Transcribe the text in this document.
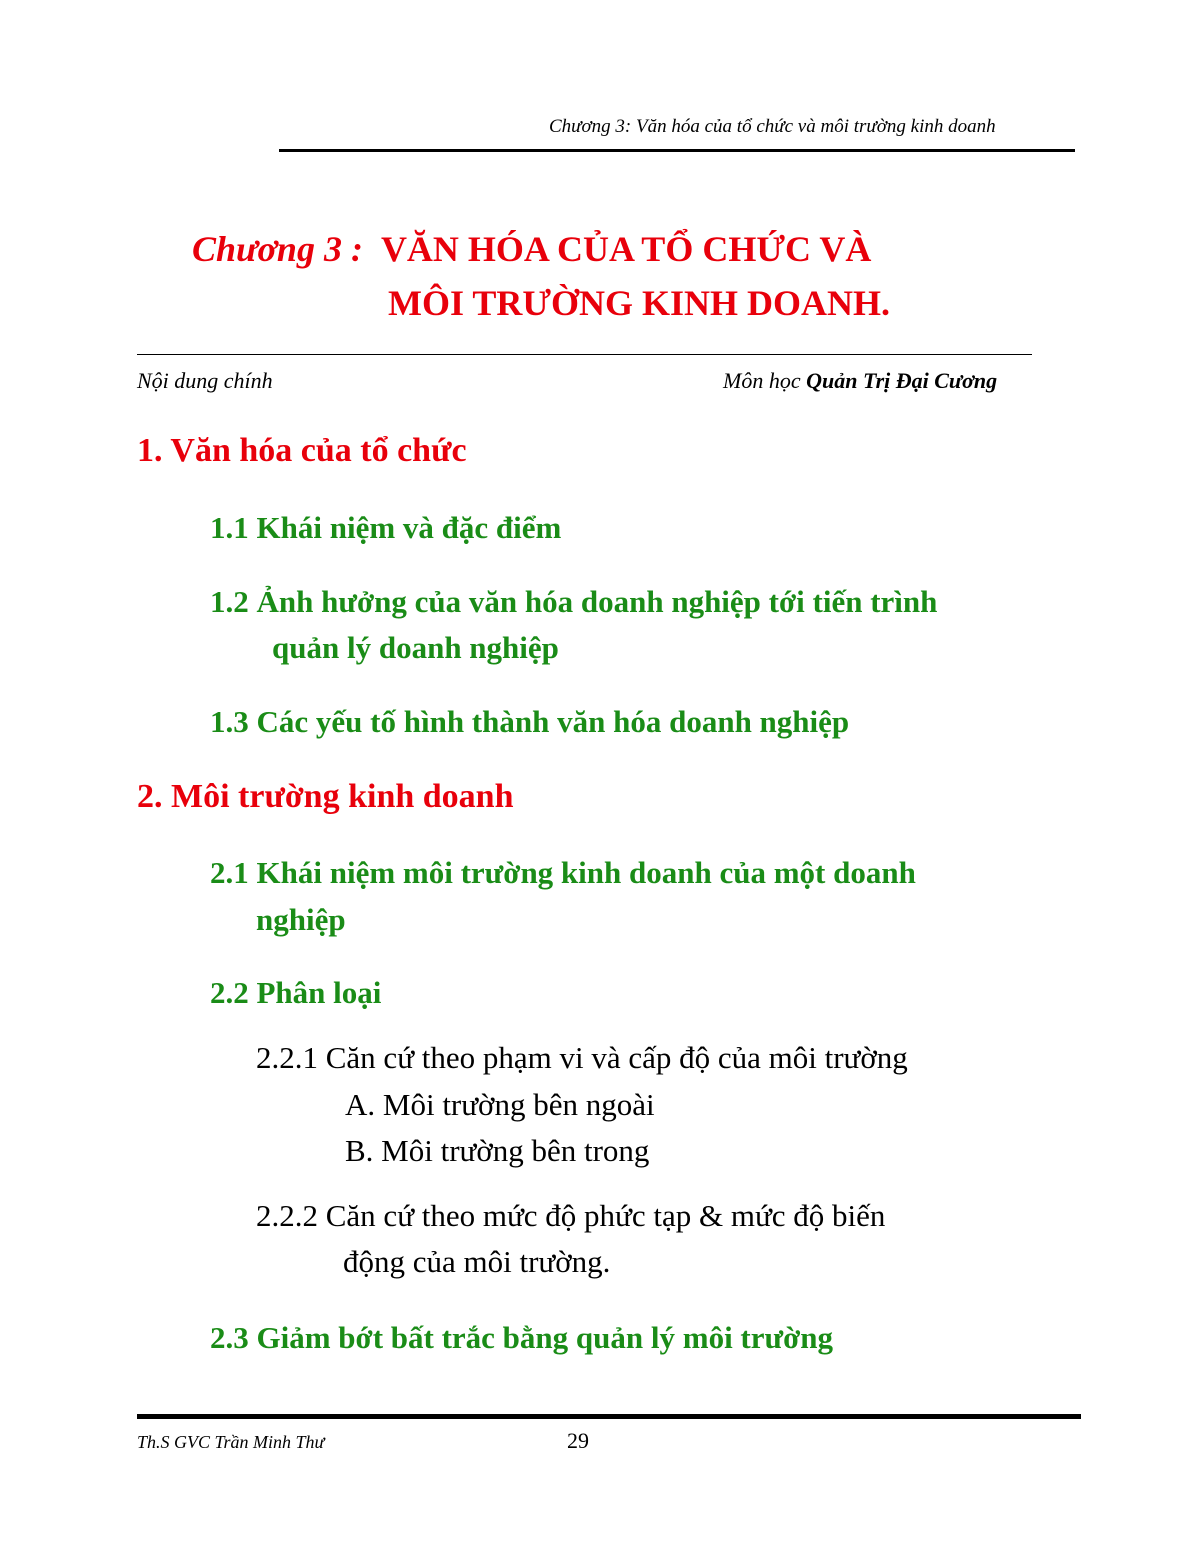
Chương 3: Văn hóa của tổ chức và môi trường kinh doanh
Chương 3 : VĂN HÓA CỦA TỔ CHỨC VÀ
MÔI TRƯỜNG KINH DOANH.
Nội dung chính	Môn học Quản Trị Đại Cương
1. Văn hóa của tổ chức
1.1 Khái niệm và đặc điểm
1.2 Ảnh hưởng của văn hóa doanh nghiệp tới tiến trình
quản lý doanh nghiệp
1.3 Các yếu tố hình thành văn hóa doanh nghiệp
2. Môi trường kinh doanh
2.1 Khái niệm môi trường kinh doanh của một doanh
nghiệp
2.2 Phân loại
2.2.1 Căn cứ theo phạm vi và cấp độ của môi trường
A. Môi trường bên ngoài
B. Môi trường bên trong
2.2.2 Căn cứ theo mức độ phức tạp & mức độ biến
động của môi trường.
2.3 Giảm bớt bất trắc bằng quản lý môi trường
Th.S GVC Trần Minh Thư	29
